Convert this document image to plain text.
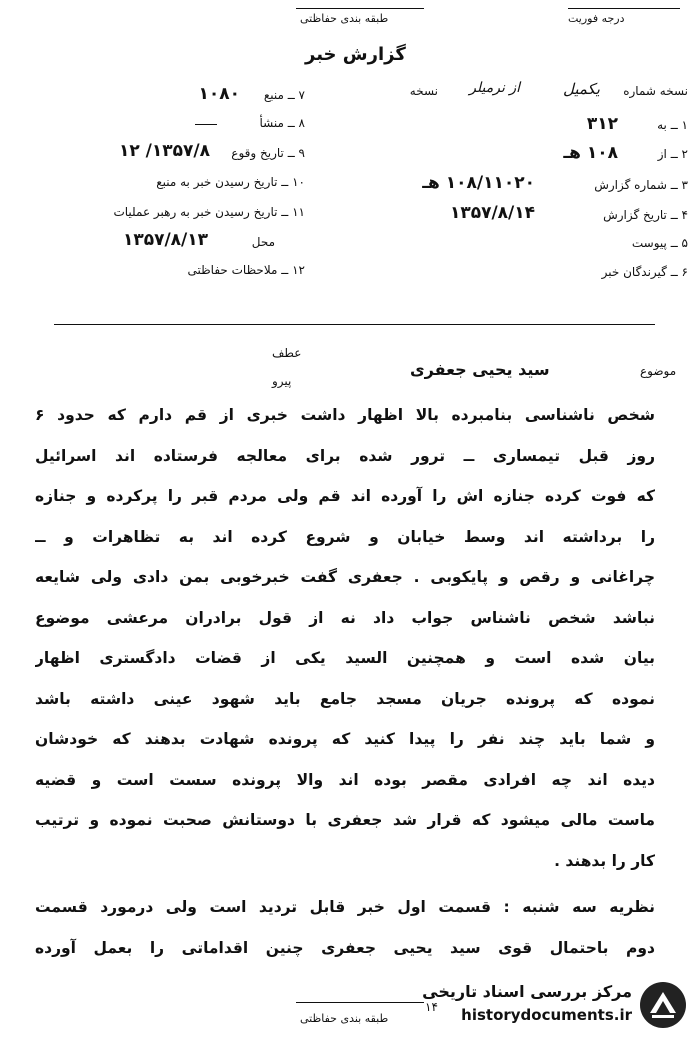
طبقه بندی حفاظتی	درجه فوریت
گزارش خبر
نسخه شماره
یکمیل
از نرمیلر
نسخه
۱ ــ به
۳۱۲
۲ ــ از
۱۰۸ هـ
۳ ــ شماره گزارش
۱۰۸/۱۱۰۲۰ هـ
۴ ــ تاریخ گزارش
۱۳۵۷/۸/۱۴
۵ ــ پیوست
۶ ــ گیرندگان خبر
۷ ــ منبع
۱۰۸۰
۸ ــ منشأ
۹ ــ تاریخ وقوع
۱۳۵۷/۸/ ۱۲
۱۰ ــ تاریخ رسیدن خبر به منبع
۱۱ ــ تاریخ رسیدن خبر به رهبر عملیات
محل
۱۳۵۷/۸/۱۳
۱۲ ــ ملاحظات حفاظتی
عطف
پیرو
موضوع
سید یحیی جعفری
شخص ناشناسی بنامبرده بالا اظهار داشت خبری از قم دارم که حدود ۶
روز قبل تیمساری ــ ترور شده برای معالجه فرستاده اند اسرائیل
که فوت کرده جنازه اش را آورده اند قم ولی مردم قبر را پرکرده و جنازه
را برداشته اند وسط خیابان و شروع کرده اند به تظاهرات و ــ
چراغانی و رقص و پایکوبی . جعفری گفت خبرخوبی بمن دادی ولی شایعه
نباشد شخص ناشناس جواب داد نه از قول برادران مرعشی موضوع
بیان شده است و همچنین السید یکی از قضات دادگستری اظهار
نموده که پرونده جریان مسجد جامع باید شهود عینی داشته باشد
و شما باید چند نفر را پیدا کنید که پرونده شهادت بدهند که خودشان
دیده اند چه افرادی مقصر بوده اند والا پرونده سست است و قضیه
ماست مالی میشود که قرار شد جعفری با دوستانش صحبت نموده و ترتیب
کار را بدهند .
نظریه سه شنبه : قسمت اول خبر قابل تردید است ولی درمورد قسمت
دوم باحتمال قوی سید یحیی جعفری چنین اقداماتی را بعمل آورده
طبقه بندی حفاظتی
۱۴
مرکز بررسی اسناد تاریخی
historydocuments.ir
